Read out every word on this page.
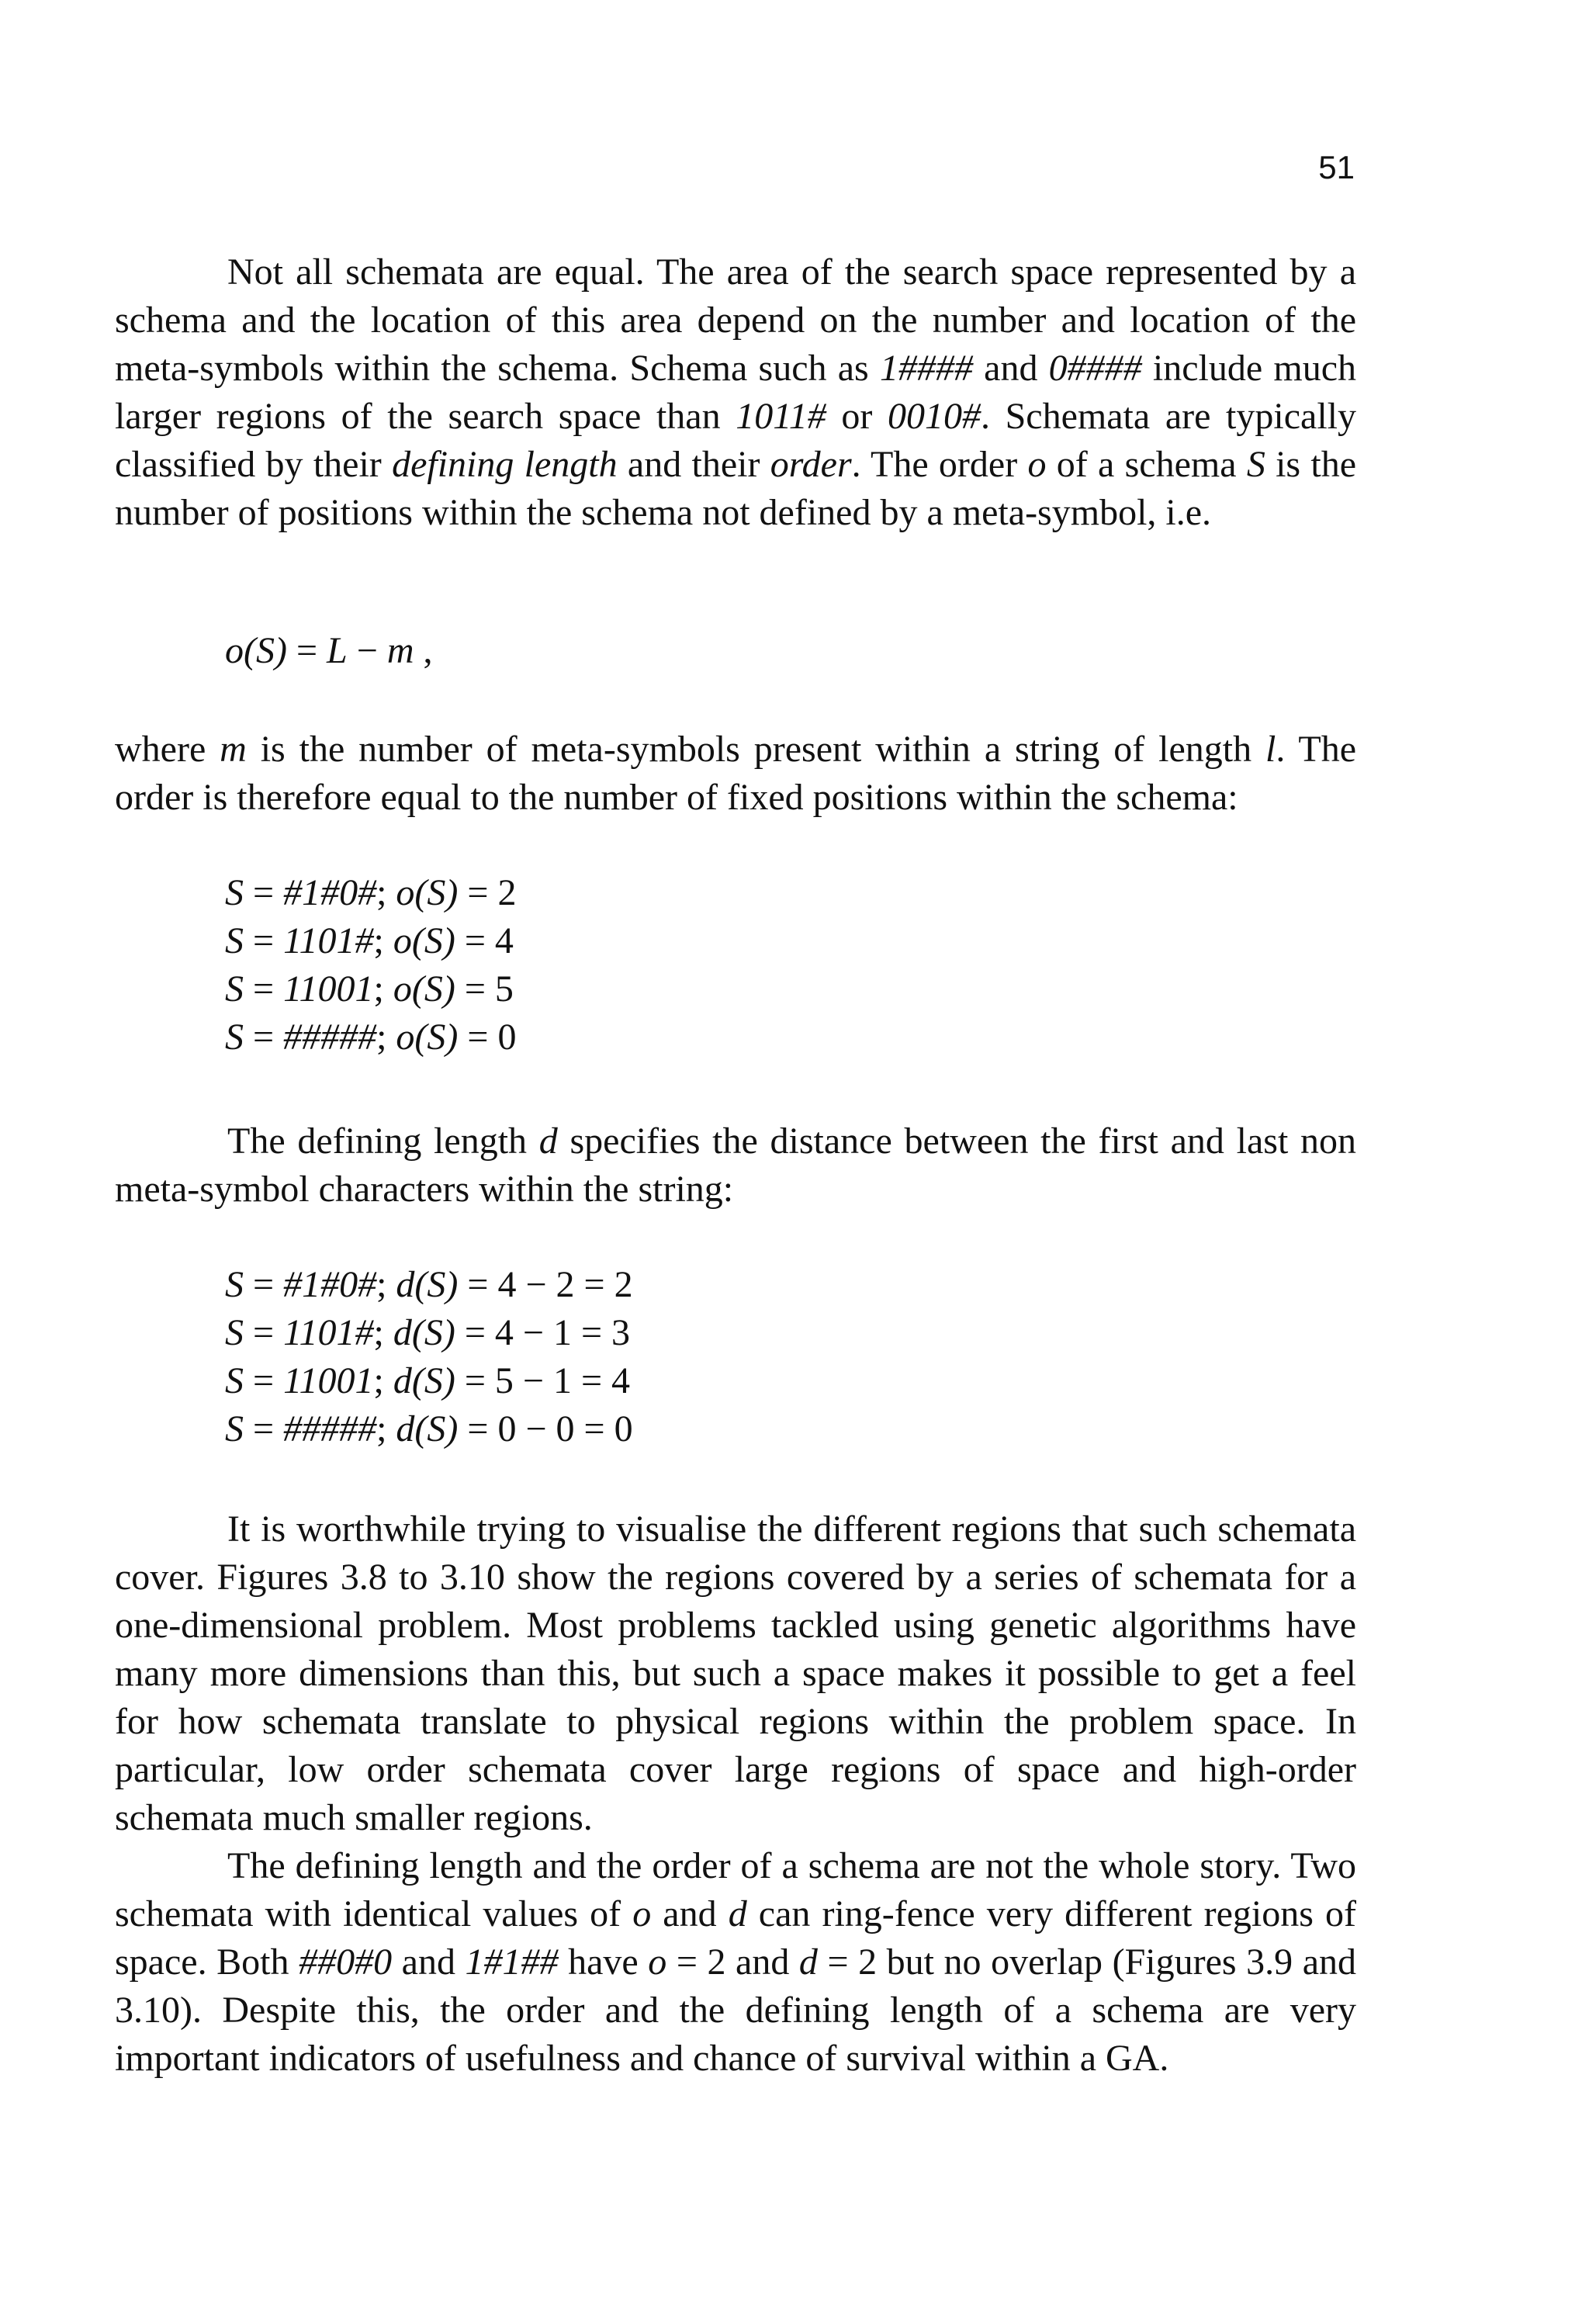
51

Not all schemata are equal. The area of the search space represented by a schema and the location of this area depend on the number and location of the meta-symbols within the schema. Schema such as 1#### and 0#### include much larger regions of the search space than 1011# or 0010#. Schemata are typically classified by their defining length and their order. The order o of a schema S is the number of positions within the schema not defined by a meta-symbol, i.e.

o(S) = L − m ,

where m is the number of meta-symbols present within a string of length l. The order is therefore equal to the number of fixed positions within the schema:

S = #1#0#; o(S) = 2
S = 1101#; o(S) = 4
S = 11001; o(S) = 5
S = #####; o(S) = 0

The defining length d specifies the distance between the first and last non meta-symbol characters within the string:

S = #1#0#; d(S) = 4 − 2 = 2
S = 1101#; d(S) = 4 − 1 = 3
S = 11001; d(S) = 5 − 1 = 4
S = #####; d(S) = 0 − 0 = 0

It is worthwhile trying to visualise the different regions that such schemata cover. Figures 3.8 to 3.10 show the regions covered by a series of schemata for a one-dimensional problem. Most problems tackled using genetic algorithms have many more dimensions than this, but such a space makes it possible to get a feel for how schemata translate to physical regions within the problem space. In particular, low order schemata cover large regions of space and high-order schemata much smaller regions.

The defining length and the order of a schema are not the whole story. Two schemata with identical values of o and d can ring-fence very different regions of space. Both ##0#0 and 1#1## have o = 2 and d = 2 but no overlap (Figures 3.9 and 3.10). Despite this, the order and the defining length of a schema are very important indicators of usefulness and chance of survival within a GA.
